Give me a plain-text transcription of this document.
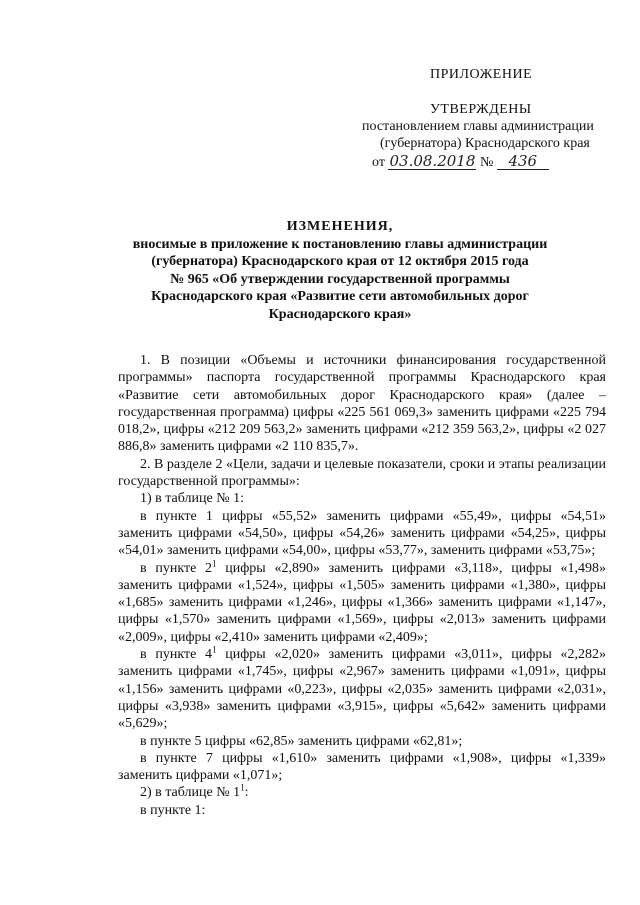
ПРИЛОЖЕНИЕ
УТВЕРЖДЕНЫ
постановлением главы администрации
(губернатора) Краснодарского края
от 03.08.2018 № 436
ИЗМЕНЕНИЯ,
вносимые в приложение к постановлению главы администрации
(губернатора) Краснодарского края от 12 октября 2015 года
№ 965 «Об утверждении государственной программы
Краснодарского края «Развитие сети автомобильных дорог
Краснодарского края»

1. В позиции «Объемы и источники финансирования государственной программы» паспорта государственной программы Краснодарского края «Развитие сети автомобильных дорог Краснодарского края» (далее – государственная программа) цифры «225 561 069,3» заменить цифрами «225 794 018,2», цифры «212 209 563,2» заменить цифрами «212 359 563,2», цифры «2 027 886,8» заменить цифрами «2 110 835,7».

2. В разделе 2 «Цели, задачи и целевые показатели, сроки и этапы реализации государственной программы»:

1) в таблице № 1:

в пункте 1 цифры «55,52» заменить цифрами «55,49», цифры «54,51» заменить цифрами «54,50», цифры «54,26» заменить цифрами «54,25», цифры «54,01» заменить цифрами «54,00», цифры «53,77», заменить цифрами «53,75»;

в пункте $2^1$ цифры «2,890» заменить цифрами «3,118», цифры «1,498» заменить цифрами «1,524», цифры «1,505» заменить цифрами «1,380», цифры «1,685» заменить цифрами «1,246», цифры «1,366» заменить цифрами «1,147», цифры «1,570» заменить цифрами «1,569», цифры «2,013» заменить цифрами «2,009», цифры «2,410» заменить цифрами «2,409»;

в пункте $4^1$ цифры «2,020» заменить цифрами «3,011», цифры «2,282» заменить цифрами «1,745», цифры «2,967» заменить цифрами «1,091», цифры «1,156» заменить цифрами «0,223», цифры «2,035» заменить цифрами «2,031», цифры «3,938» заменить цифрами «3,915», цифры «5,642» заменить цифрами «5,629»;

в пункте 5 цифры «62,85» заменить цифрами «62,81»;

в пункте 7 цифры «1,610» заменить цифрами «1,908», цифры «1,339» заменить цифрами «1,071»;

2) в таблице № $1^1$:

в пункте 1:
